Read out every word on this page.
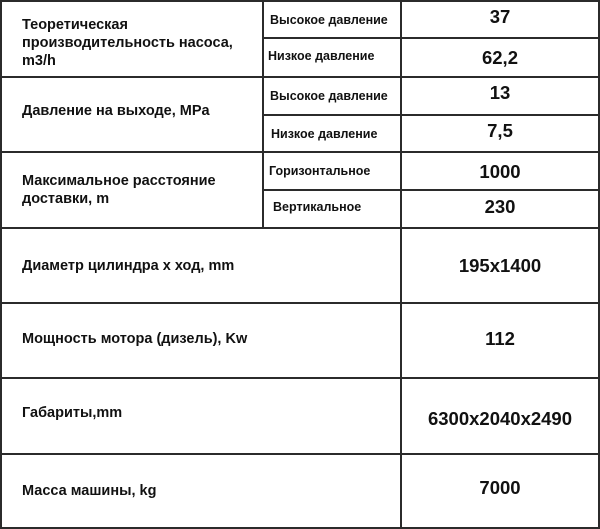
Теоретическая производительность насоса, m3/h
Высокое давление	37
Низкое давление	62,2
Давление на выходе, MPa
Высокое давление	13
Низкое давление	7,5
Максимальное расстояние доставки, m
Горизонтальное	1000
Вертикальное	230
Диаметр цилиндра x ход, mm	195x1400
Мощность мотора (дизель), Kw	112
Габариты,mm	6300x2040x2490
Масса машины, kg	7000
